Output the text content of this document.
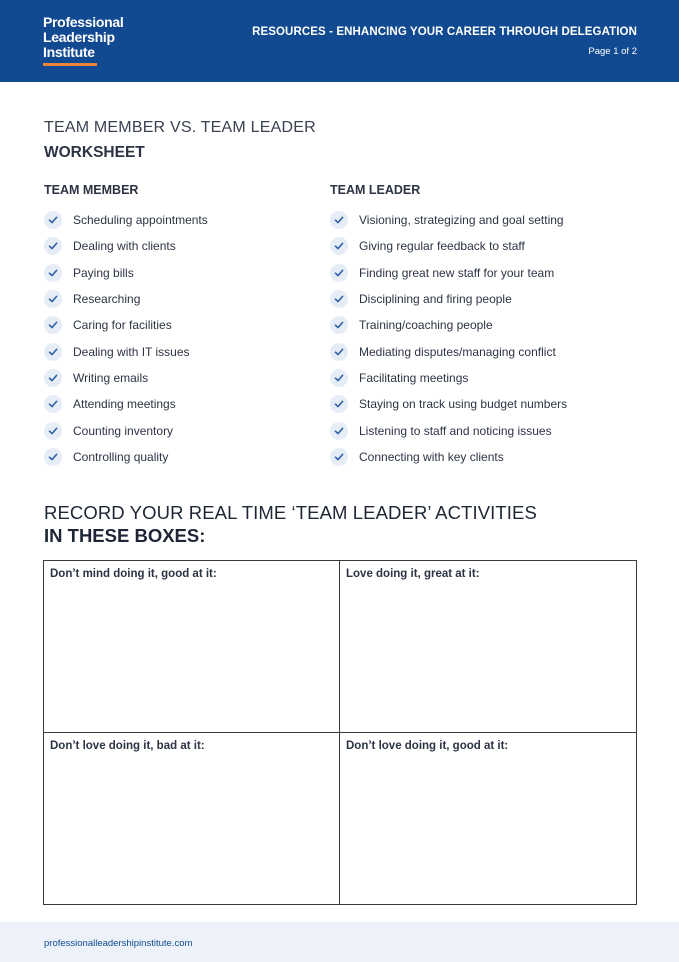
Professional
Leadership
Institute
RESOURCES - ENHANCING YOUR CAREER THROUGH DELEGATION
Page 1 of 2
TEAM MEMBER VS. TEAM LEADER
WORKSHEET
TEAM MEMBER
Scheduling appointments
Dealing with clients
Paying bills
Researching
Caring for facilities
Dealing with IT issues
Writing emails
Attending meetings
Counting inventory
Controlling quality
TEAM LEADER
Visioning, strategizing and goal setting
Giving regular feedback to staff
Finding great new staff for your team
Disciplining and firing people
Training/coaching people
Mediating disputes/managing conflict
Facilitating meetings
Staying on track using budget numbers
Listening to staff and noticing issues
Connecting with key clients
RECORD YOUR REAL TIME ‘TEAM LEADER’ ACTIVITIES
IN THESE BOXES:
Don’t mind doing it, good at it:	Love doing it, great at it:
Don’t love doing it, bad at it:	Don’t love doing it, good at it:
professionalleadershipinstitute.com
